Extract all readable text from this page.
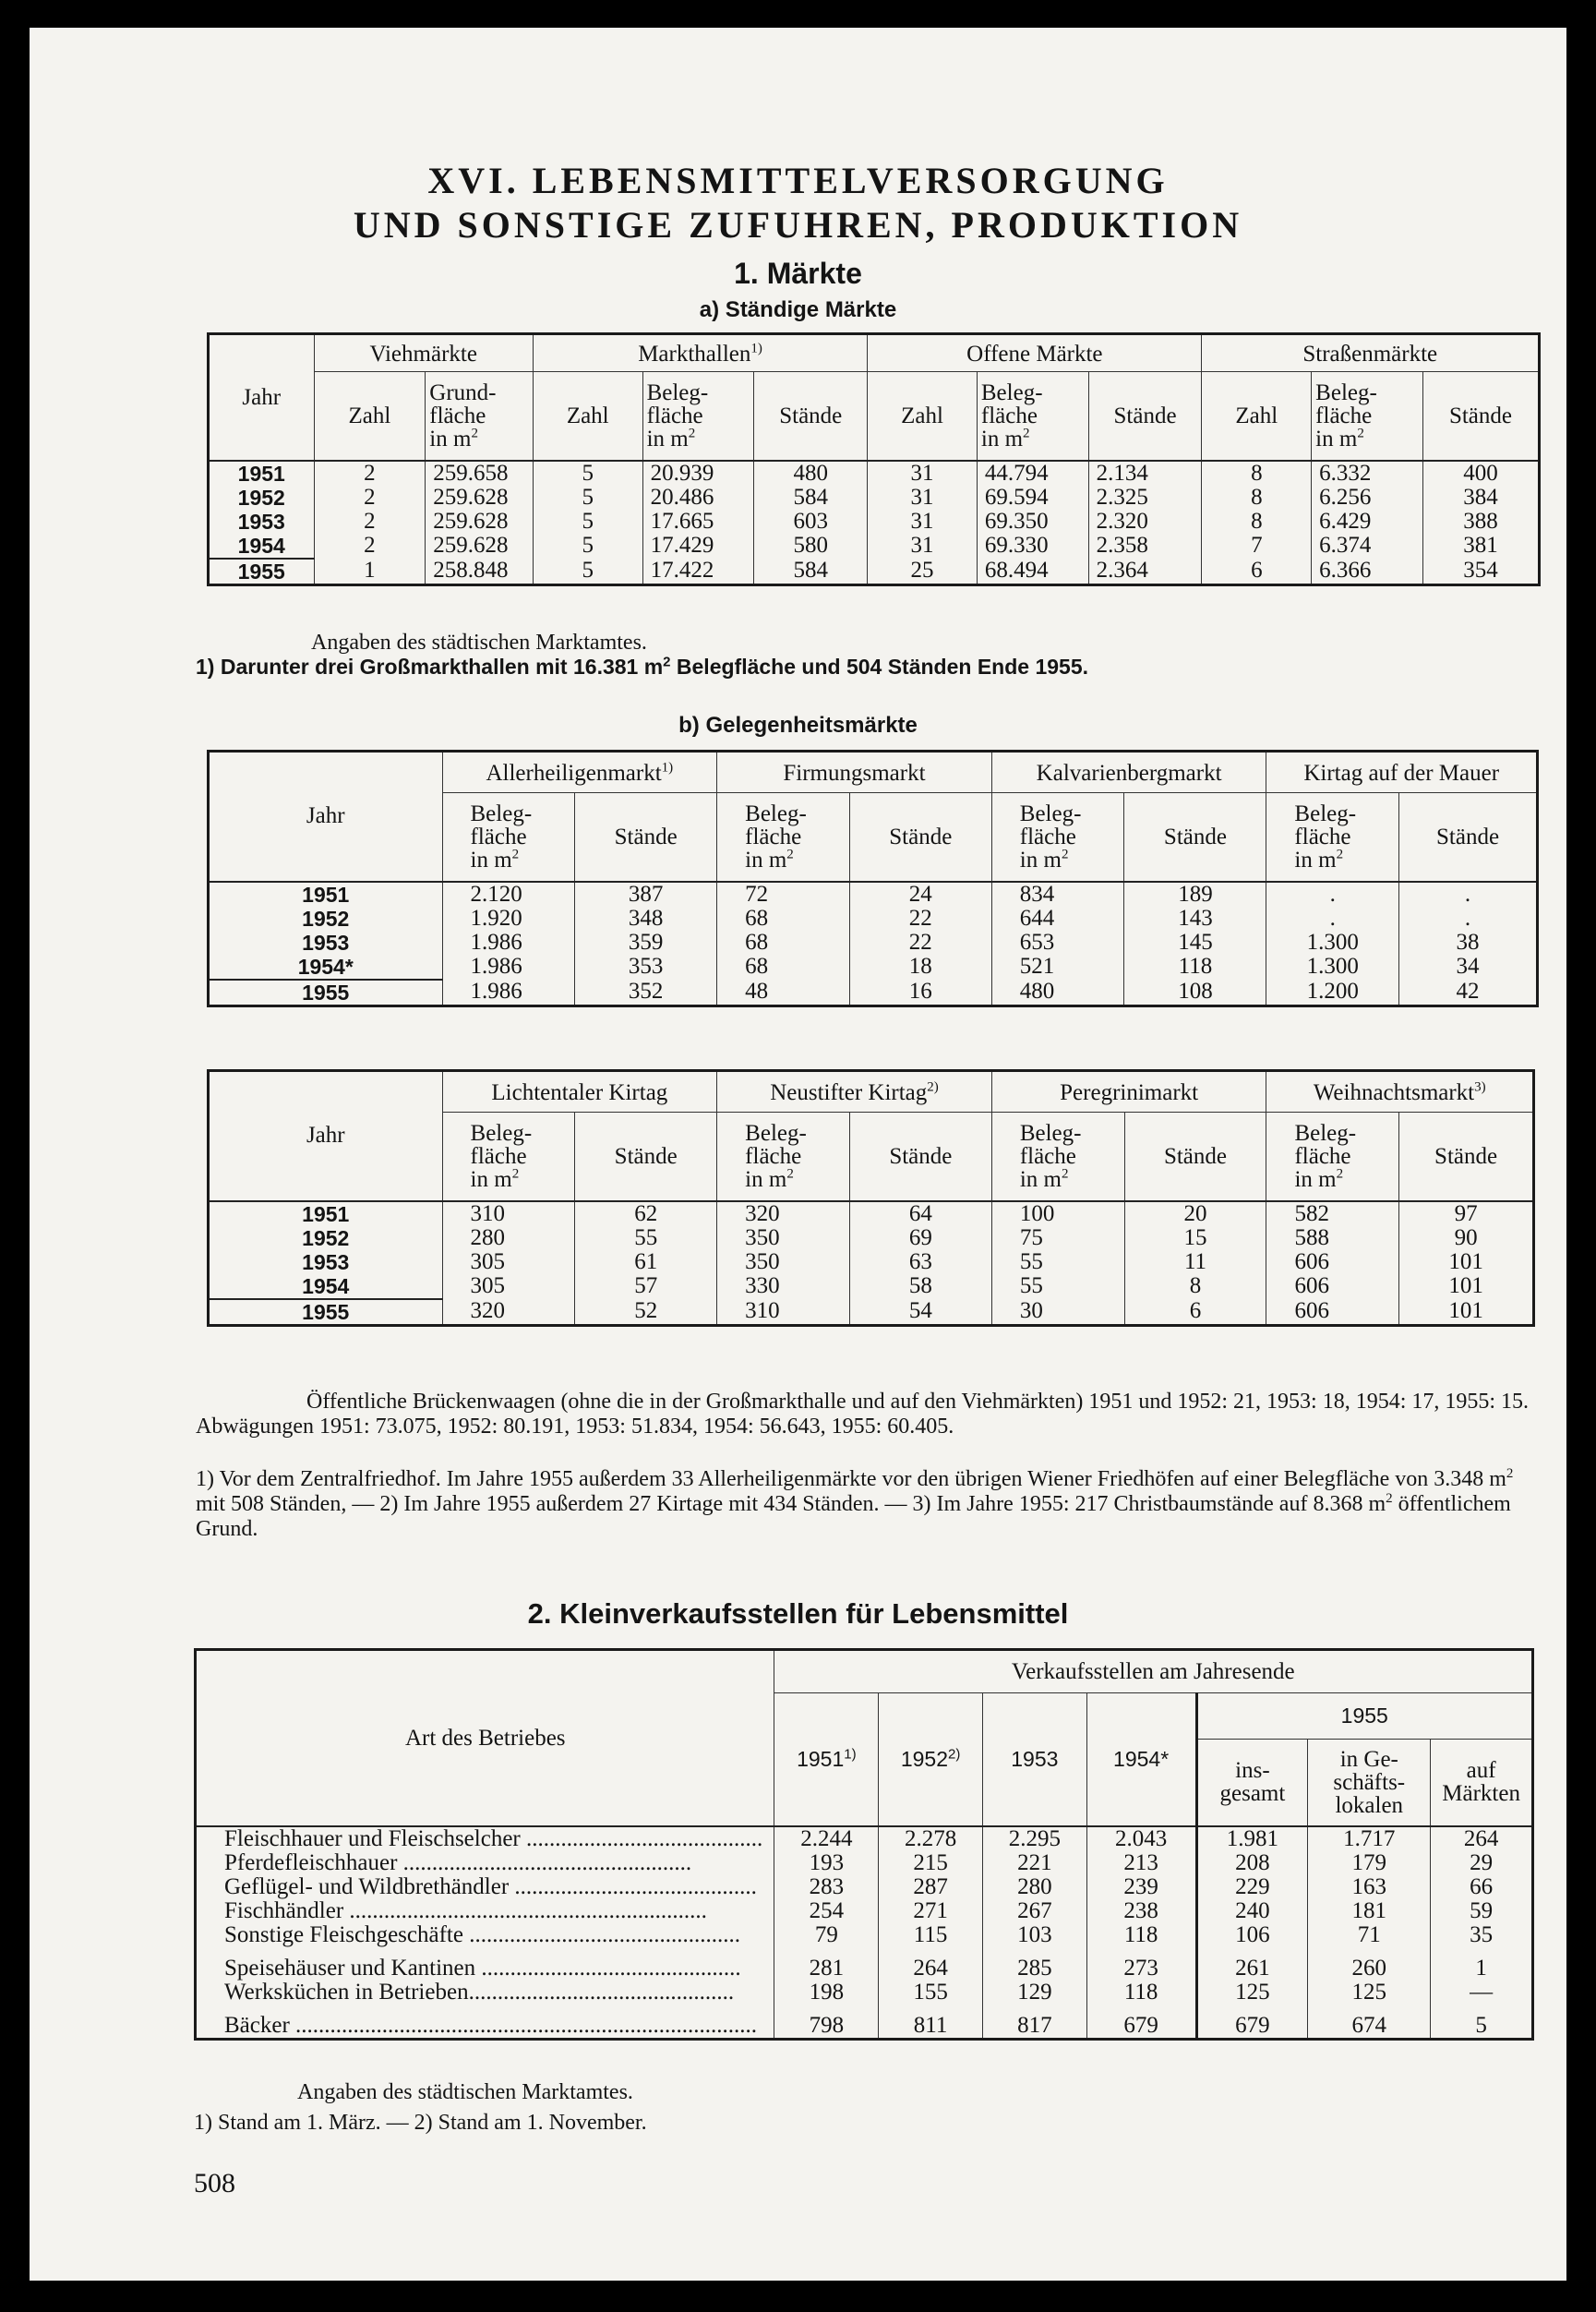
XVI. LEBENSMITTELVERSORGUNG
UND SONSTIGE ZUFUHREN, PRODUKTION
1. Märkte
a) Ständige Märkte
Jahr	Viehmärkte		Markthallen$^{1)}$			Offene Märkte			Straßenmärkte		
	Zahl	Grund-
fläche
in $m^2$	Zahl	Beleg-
fläche
in $m^2$	Stände	Zahl	Beleg-
fläche
in $m^2$	Stände	Zahl	Beleg-
fläche
in $m^2$	Stände
1951	2	259.658	5	20.939	480	31	44.794	2.134	8	6.332	400
1952	2	259.628	5	20.486	584	31	69.594	2.325	8	6.256	384
1953	2	259.628	5	17.665	603	31	69.350	2.320	8	6.429	388
1954	2	259.628	5	17.429	580	31	69.330	2.358	7	6.374	381
1955	1	258.848	5	17.422	584	25	68.494	2.364	6	6.366	354
Angaben des städtischen Marktamtes.
1) Darunter drei Großmarkthallen mit 16.381 $m^2$ Belegfläche und 504 Ständen Ende 1955.
b) Gelegenheitsmärkte
Jahr	Allerheiligenmarkt$^{1)}$		Firmungsmarkt		Kalvarienbergmarkt		Kirtag auf der Mauer	
	Beleg-
fläche
in $m^2$	Stände	Beleg-
fläche
in $m^2$	Stände	Beleg-
fläche
in $m^2$	Stände	Beleg-
fläche
in $m^2$	Stände
1951	2.120	387	72	24	834	189	.	.
1952	1.920	348	68	22	644	143	.	.
1953	1.986	359	68	22	653	145	1.300	38
1954*	1.986	353	68	18	521	118	1.300	34
1955	1.986	352	48	16	480	108	1.200	42
Jahr	Lichtentaler Kirtag		Neustifter Kirtag$^{2)}$		Peregrinimarkt		Weihnachtsmarkt$^{3)}$
	Beleg-
fläche
in $m^2$	Stände	Beleg-
fläche
in $m^2$	Stände	Beleg-
fläche
in $m^2$	Stände	Beleg-
fläche
in $m^2$	Stände
1951	310	62	320	64	100	20	582	97
1952	280	55	350	69	75	15	588	90
1953	305	61	350	63	55	11	606	101
1954	305	57	330	58	55	8	606	101
1955	320	52	310	54	30	6	606	101
Öffentliche Brückenwaagen (ohne die in der Großmarkthalle und auf den Viehmärkten) 1951 und 1952: 21, 1953: 18, 1954: 17, 1955: 15. Abwägungen 1951: 73.075, 1952: 80.191, 1953: 51.834, 1954: 56.643, 1955: 60.405.
1) Vor dem Zentralfriedhof. Im Jahre 1955 außerdem 33 Allerheiligenmärkte vor den übrigen Wiener Friedhöfen auf einer Belegfläche von 3.348 $m^2$ mit 508 Ständen, — 2) Im Jahre 1955 außerdem 27 Kirtage mit 434 Ständen. — 3) Im Jahre 1955: 217 Christbaumstände auf 8.368 $m^2$ öffentlichem Grund.
2. Kleinverkaufsstellen für Lebensmittel
Art des Betriebes	Verkaufsstellen am Jahresende						
	1951$^{1)}$	1952$^{2)}$	1953	1954*	1955		
					ins-
gesamt	in Ge-
schäfts-
lokalen	auf
Märkten
Fleischhauer und Fleischselcher .........................................	2.244	2.278	2.295	2.043	1.981	1.717	264
Pferdefleischhauer ..................................................	193	215	221	213	208	179	29
Geflügel- und Wildbrethändler ..........................................	283	287	280	239	229	163	66
Fischhändler ..............................................................	254	271	267	238	240	181	59
Sonstige Fleischgeschäfte ...............................................	79	115	103	118	106	71	35
Speisehäuser und Kantinen .............................................	281	264	285	273	261	260	1
Werksküchen in Betrieben..............................................	198	155	129	118	125	125	—
Bäcker ................................................................................	798	811	817	679	679	674	5
Angaben des städtischen Marktamtes.
1) Stand am 1. März. — 2) Stand am 1. November.
508
